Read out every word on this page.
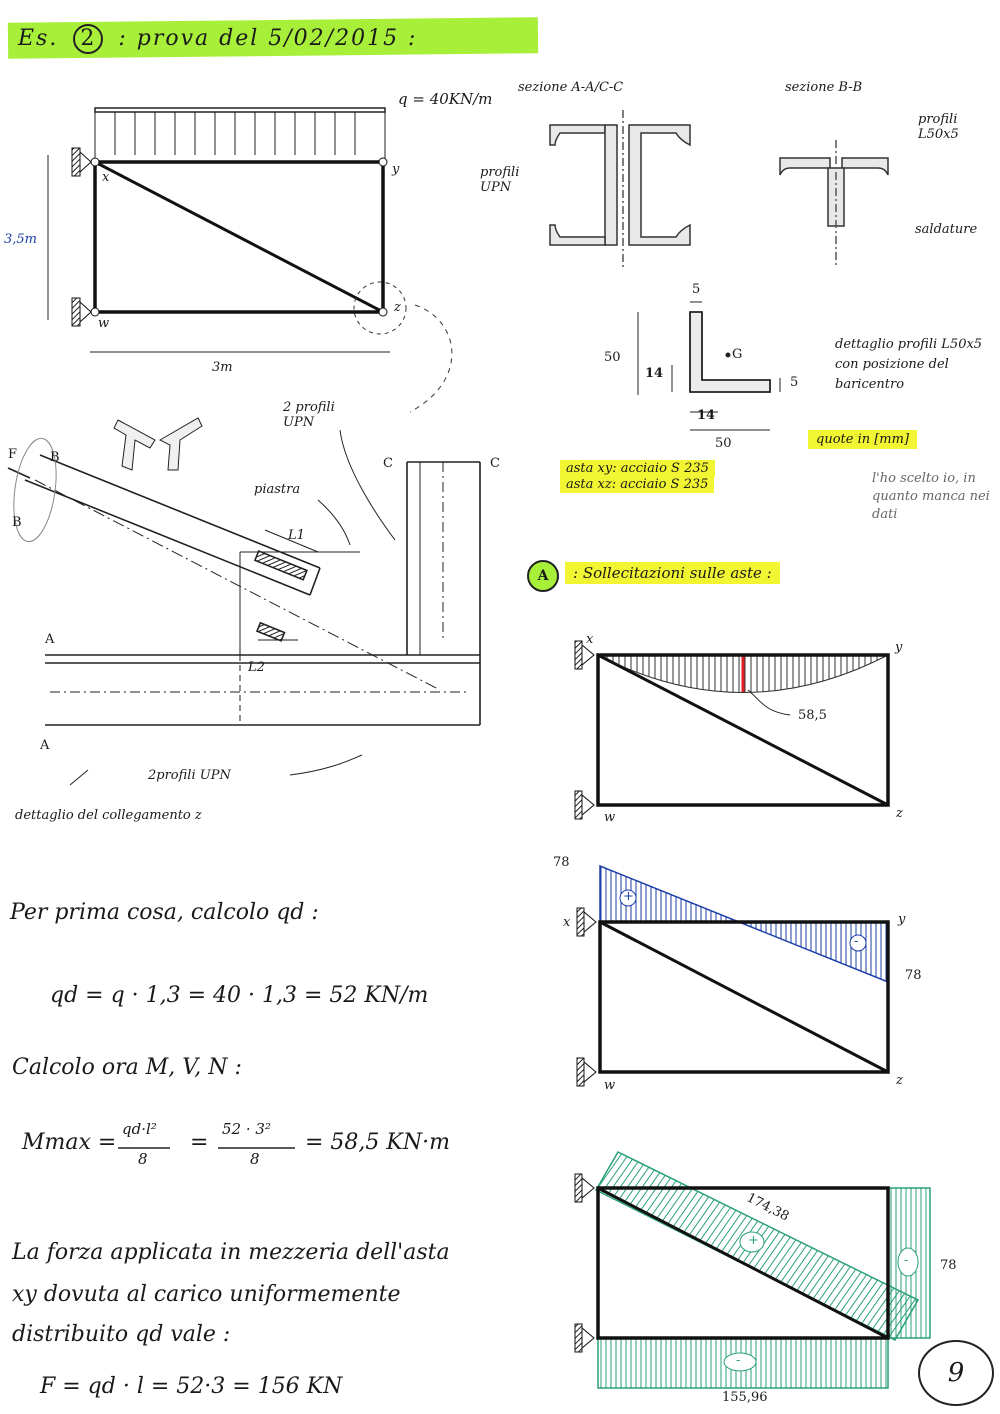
Es. 2 : prova del 5/02/2015 :
q = 40KN/m
3,5m
3m
x
y
w
z
sezione A-A/C-C	sezione B-B
profili UPN
profili L50x5
saldature
5
50
14
14
5
50
G
dettaglio profili L50x5 con posizione del baricentro
quote in [mm]
asta xy: acciaio S 235
asta xz: acciaio S 235	l'ho scelto io, in quanto manca nei dati
2 profili UPN
piastra
L1
L2
F	B
B
C	C
A
A
2profili UPN
dettaglio del collegamento z
A	: Sollecitazioni sulle aste :
58,5
x
y
w	z
78
78
+
-
x	y
w	z
174,38
78
155,96
+
-
-
Per prima cosa, calcolo qd :
qd = q · 1,3 = 40 · 1,3 = 52 KN/m
Calcolo ora M, V, N :
Mmax =
qd·l²
8
=
52 · 3²
8
= 58,5 KN·m
La forza applicata in mezzeria dell'asta
xy dovuta al carico uniformemente
distribuito qd vale :
F = qd · l = 52·3 = 156 KN	9
